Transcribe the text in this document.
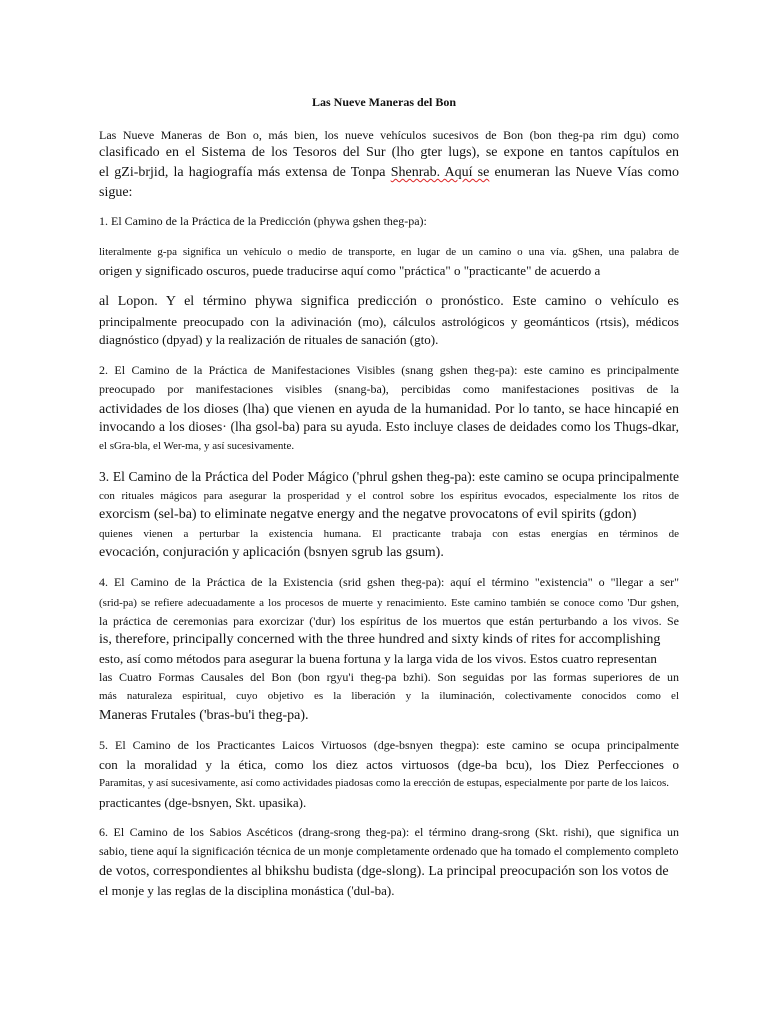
Las Nueve Maneras del Bon

Las Nueve Maneras de Bon o, más bien, los nueve vehículos sucesivos de Bon (bon theg-pa rim dgu) como

clasificado en el Sistema de los Tesoros del Sur (lho gter lugs), se expone en tantos capítulos en

el gZi-brjid, la hagiografía más extensa de Tonpa Shenrab. Aquí se enumeran las Nueve Vías como

sigue:

1. El Camino de la Práctica de la Predicción (phywa gshen theg-pa):

literalmente g-pa significa un vehículo o medio de transporte, en lugar de un camino o una vía. gShen, una palabra de

origen y significado oscuros, puede traducirse aquí como "práctica" o "practicante" de acuerdo a

al Lopon. Y el término phywa significa predicción o pronóstico. Este camino o vehículo es

principalmente preocupado con la adivinación (mo), cálculos astrológicos y geománticos (rtsis), médicos

diagnóstico (dpyad) y la realización de rituales de sanación (gto).

2. El Camino de la Práctica de Manifestaciones Visibles (snang gshen theg-pa): este camino es principalmente

preocupado por manifestaciones visibles (snang-ba), percibidas como manifestaciones positivas de la

actividades de los dioses (lha) que vienen en ayuda de la humanidad. Por lo tanto, se hace hincapié en

invocando a los dioses· (lha gsol-ba) para su ayuda. Esto incluye clases de deidades como los Thugs-dkar,

el sGra-bla, el Wer-ma, y así sucesivamente.

3. El Camino de la Práctica del Poder Mágico ('phrul gshen theg-pa): este camino se ocupa principalmente

con rituales mágicos para asegurar la prosperidad y el control sobre los espíritus evocados, especialmente los ritos de

exorcism (sel-ba) to eliminate negatve energy and the negatve provocatons of evil spirits (gdon)

quienes vienen a perturbar la existencia humana. El practicante trabaja con estas energías en términos de

evocación, conjuración y aplicación (bsnyen sgrub las gsum).

4. El Camino de la Práctica de la Existencia (srid gshen theg-pa): aquí el término "existencia" o "llegar a ser"

(srid-pa) se refiere adecuadamente a los procesos de muerte y renacimiento. Este camino también se conoce como 'Dur gshen,

la práctica de ceremonias para exorcizar ('dur) los espíritus de los muertos que están perturbando a los vivos. Se

is, therefore, principally concerned with the three hundred and sixty kinds of rites for accomplishing

esto, así como métodos para asegurar la buena fortuna y la larga vida de los vivos. Estos cuatro representan

las Cuatro Formas Causales del Bon (bon rgyu'i theg-pa bzhi). Son seguidas por las formas superiores de un

más naturaleza espiritual, cuyo objetivo es la liberación y la iluminación, colectivamente conocidos como el

Maneras Frutales ('bras-bu'i theg-pa).

5. El Camino de los Practicantes Laicos Virtuosos (dge-bsnyen thegpa): este camino se ocupa principalmente

con la moralidad y la ética, como los diez actos virtuosos (dge-ba bcu), los Diez Perfecciones o

Paramitas, y así sucesivamente, así como actividades piadosas como la erección de estupas, especialmente por parte de los laicos.

practicantes (dge-bsnyen, Skt. upasika).

6. El Camino de los Sabios Ascéticos (drang-srong theg-pa): el término drang-srong (Skt. rishi), que significa un

sabio, tiene aquí la significación técnica de un monje completamente ordenado que ha tomado el complemento completo

de votos, correspondientes al bhikshu budista (dge-slong). La principal preocupación son los votos de

el monje y las reglas de la disciplina monástica ('dul-ba).
